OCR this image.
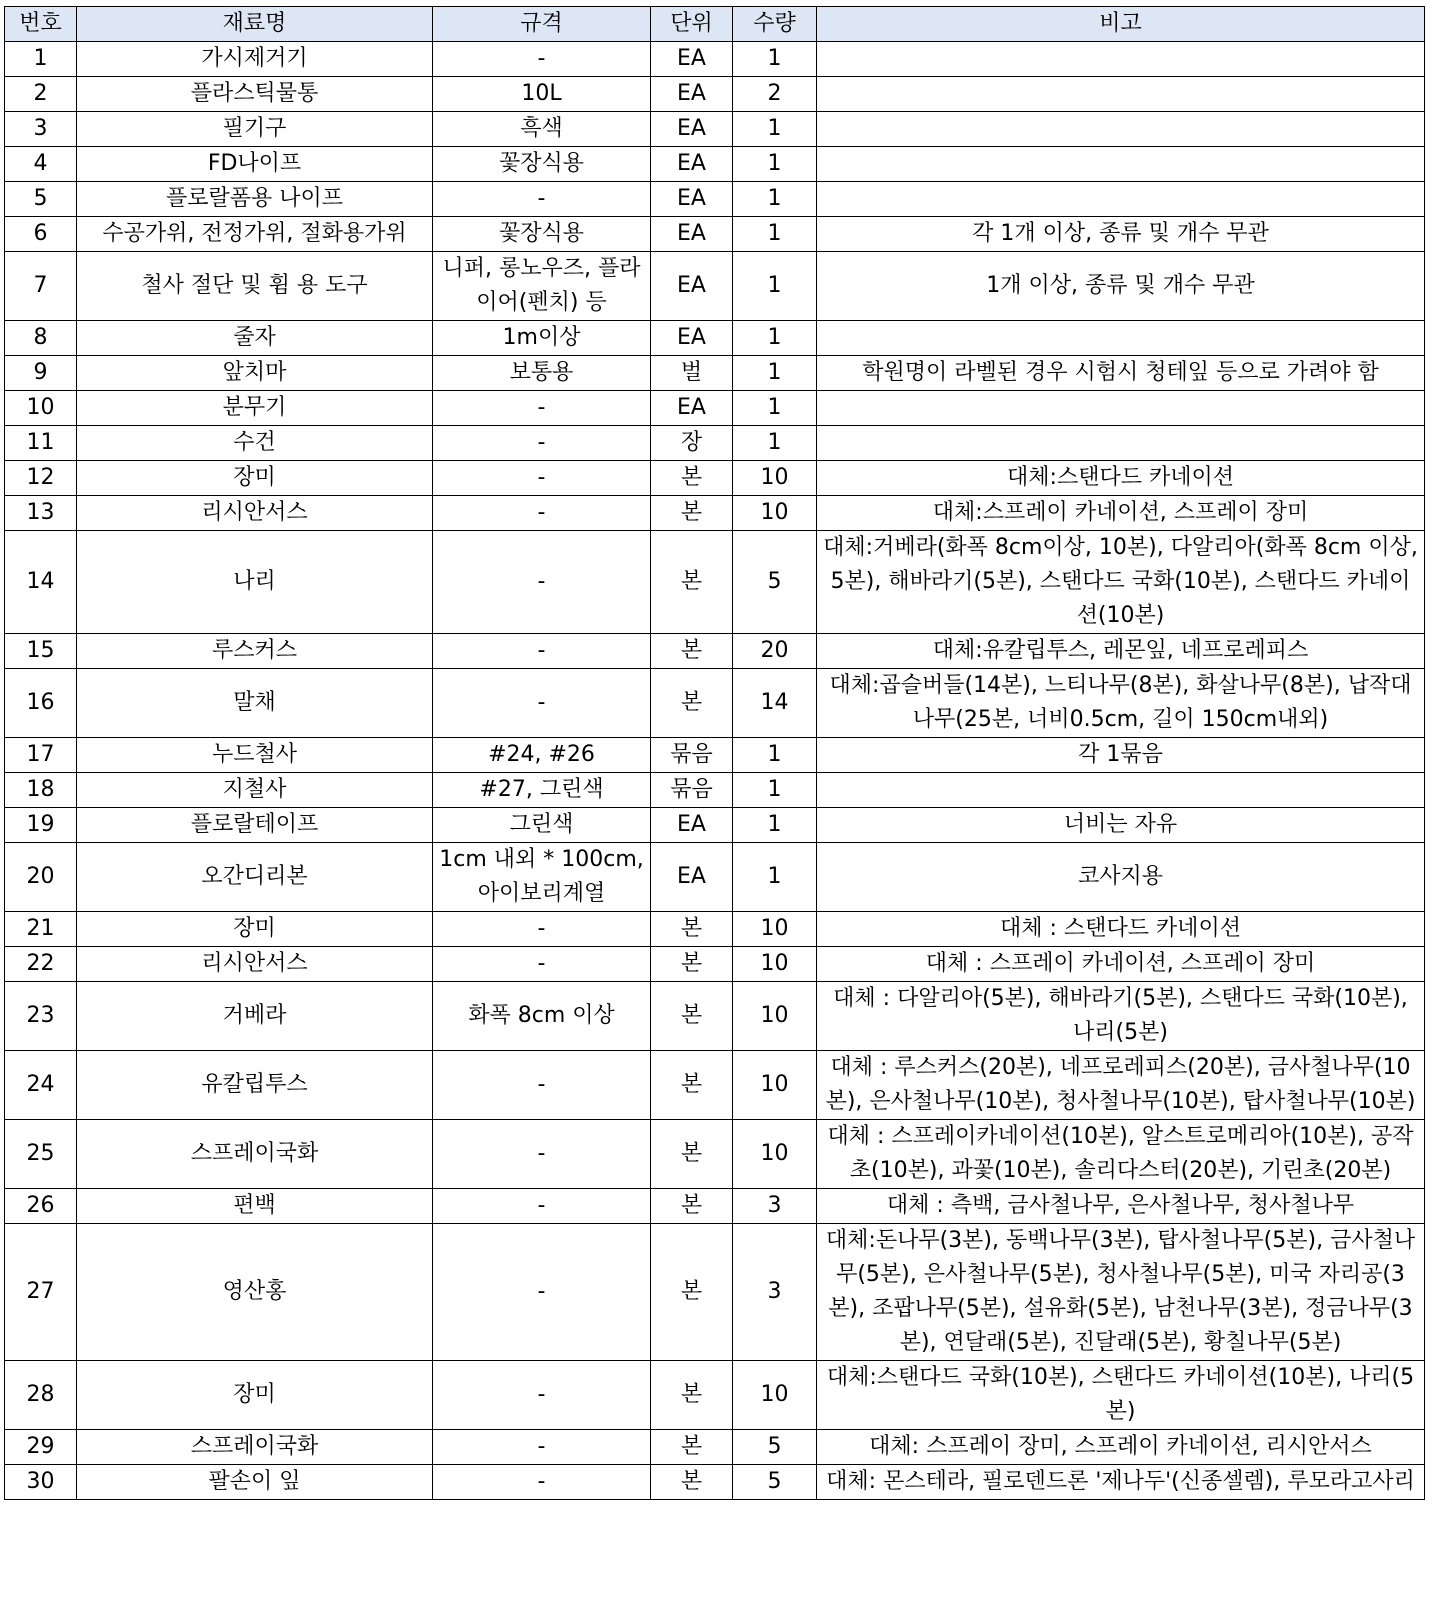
번호	재료명	규격	단위	수량	비고
1	가시제거기	-	EA	1	
2	플라스틱물통	10L	EA	2	
3	필기구	흑색	EA	1	
4	FD나이프	꽃장식용	EA	1	
5	플로랄폼용 나이프	-	EA	1	
6	수공가위, 전정가위, 절화용가위	꽃장식용	EA	1	각 1개 이상, 종류 및 개수 무관
7	철사 절단 및 휨 용 도구	니퍼, 롱노우즈, 플라이어(펜치) 등	EA	1	1개 이상, 종류 및 개수 무관
8	줄자	1m이상	EA	1	
9	앞치마	보통용	벌	1	학원명이 라벨된 경우 시험시 청테잎 등으로 가려야 함
10	분무기	-	EA	1	
11	수건	-	장	1	
12	장미	-	본	10	대체:스탠다드 카네이션
13	리시안서스	-	본	10	대체:스프레이 카네이션, 스프레이 장미
14	나리	-	본	5	대체:거베라(화폭 8cm이상, 10본), 다알리아(화폭 8cm 이상, 5본), 해바라기(5본), 스탠다드 국화(10본), 스탠다드 카네이션(10본)
15	루스커스	-	본	20	대체:유칼립투스, 레몬잎, 네프로레피스
16	말채	-	본	14	대체:곱슬버들(14본), 느티나무(8본), 화살나무(8본), 납작대나무(25본, 너비0.5cm, 길이 150cm내외)
17	누드철사	#24, #26	묶음	1	각 1묶음
18	지철사	#27, 그린색	묶음	1	
19	플로랄테이프	그린색	EA	1	너비는 자유
20	오간디리본	1cm 내외 * 100cm, 아이보리계열	EA	1	코사지용
21	장미	-	본	10	대체 : 스탠다드 카네이션
22	리시안서스	-	본	10	대체 : 스프레이 카네이션, 스프레이 장미
23	거베라	화폭 8cm 이상	본	10	대체 : 다알리아(5본), 해바라기(5본), 스탠다드 국화(10본), 나리(5본)
24	유칼립투스	-	본	10	대체 : 루스커스(20본), 네프로레피스(20본), 금사철나무(10본), 은사철나무(10본), 청사철나무(10본), 탑사철나무(10본)
25	스프레이국화	-	본	10	대체 : 스프레이카네이션(10본), 알스트로메리아(10본), 공작초(10본), 과꽃(10본), 솔리다스터(20본), 기린초(20본)
26	편백	-	본	3	대체 : 측백, 금사철나무, 은사철나무, 청사철나무
27	영산홍	-	본	3	대체:돈나무(3본), 동백나무(3본), 탑사철나무(5본), 금사철나무(5본), 은사철나무(5본), 청사철나무(5본), 미국 자리공(3본), 조팝나무(5본), 설유화(5본), 남천나무(3본), 정금나무(3본), 연달래(5본), 진달래(5본), 황칠나무(5본)
28	장미	-	본	10	대체:스탠다드 국화(10본), 스탠다드 카네이션(10본), 나리(5본)
29	스프레이국화	-	본	5	대체: 스프레이 장미, 스프레이 카네이션, 리시안서스
30	팔손이 잎	-	본	5	대체: 몬스테라, 필로덴드론 '제나두'(신종셀렘), 루모라고사리
